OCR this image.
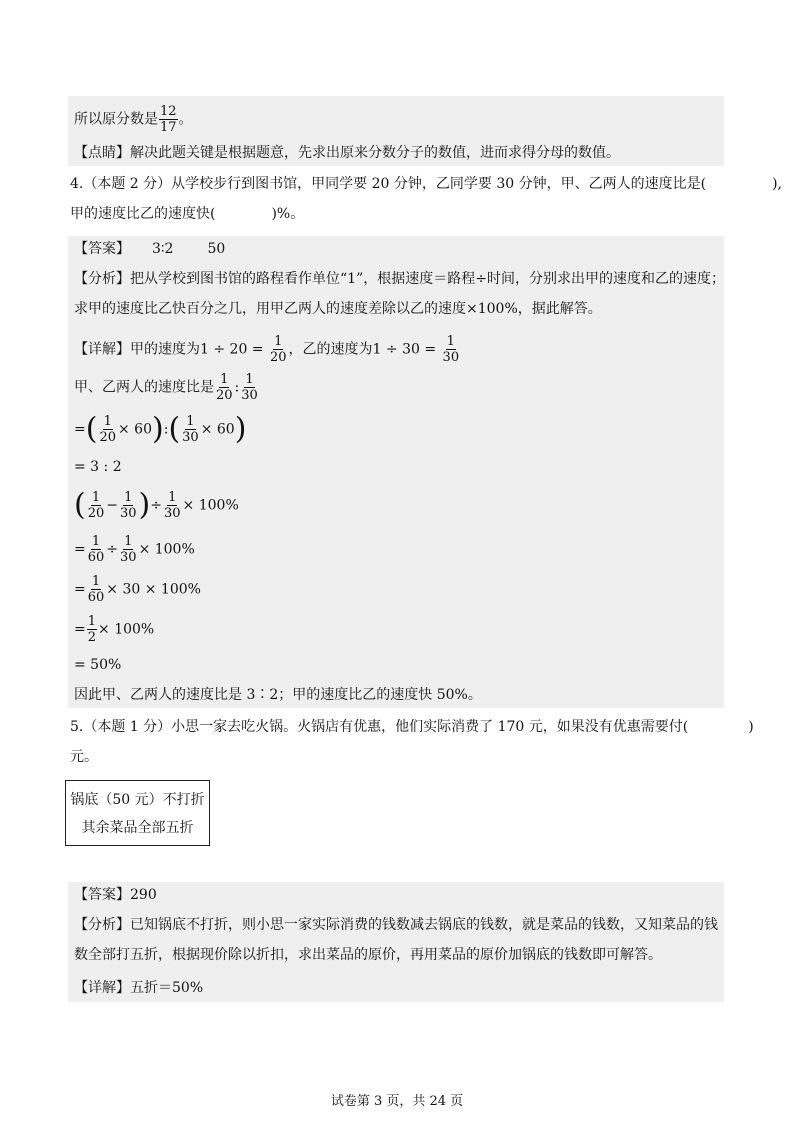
所以原分数是 $\frac{12}{17}$ 。
【点睛】解决此题关键是根据题意，先求出原来分数分子的数值，进而求得分母的数值。
4.（本题 2 分）从学校步行到图书馆，甲同学要 20 分钟，乙同学要 30 分钟，甲、乙两人的速度比是(	),
甲的速度比乙的速度快(	)%。
【答案】 3∶2 50
【分析】把从学校到图书馆的路程看作单位“1”，根据速度＝路程÷时间，分别求出甲的速度和乙的速度；
求甲的速度比乙快百分之几，用甲乙两人的速度差除以乙的速度×100%，据此解答。
【详解】甲的速度为$1 \div 20 = \frac{1}{20}$ ，乙的速度为$1 \div 30 = \frac{1}{30}$
甲、乙两人的速度比是 $\frac{1}{20}$ : $\frac{1}{30}$
=( $\frac{1}{20}$ × 60):( $\frac{1}{30} \times 60$)
= 3 : 2
( $\frac{1}{20} - \frac{1}{30}$ )÷ $\frac{1}{30} \times 100\%$
= $\frac{1}{60} \div \frac{1}{30} \times 100\%$
= $\frac{1}{60} \times 30 \times 100\%$
= $\frac{1}{2} \times 100\%$
= 50%
因此甲、乙两人的速度比是 3∶2；甲的速度比乙的速度快 50%。
5.（本题 1 分）小思一家去吃火锅。火锅店有优惠，他们实际消费了 170 元，如果没有优惠需要付(	)
元。
锅底（50 元）不打折
其余菜品全部五折
【答案】290
【分析】已知锅底不打折，则小思一家实际消费的钱数减去锅底的钱数，就是菜品的钱数，又知菜品的钱
数全部打五折，根据现价除以折扣，求出菜品的原价，再用菜品的原价加锅底的钱数即可解答。
【详解】五折＝50%
试卷第 3 页，共 24 页
